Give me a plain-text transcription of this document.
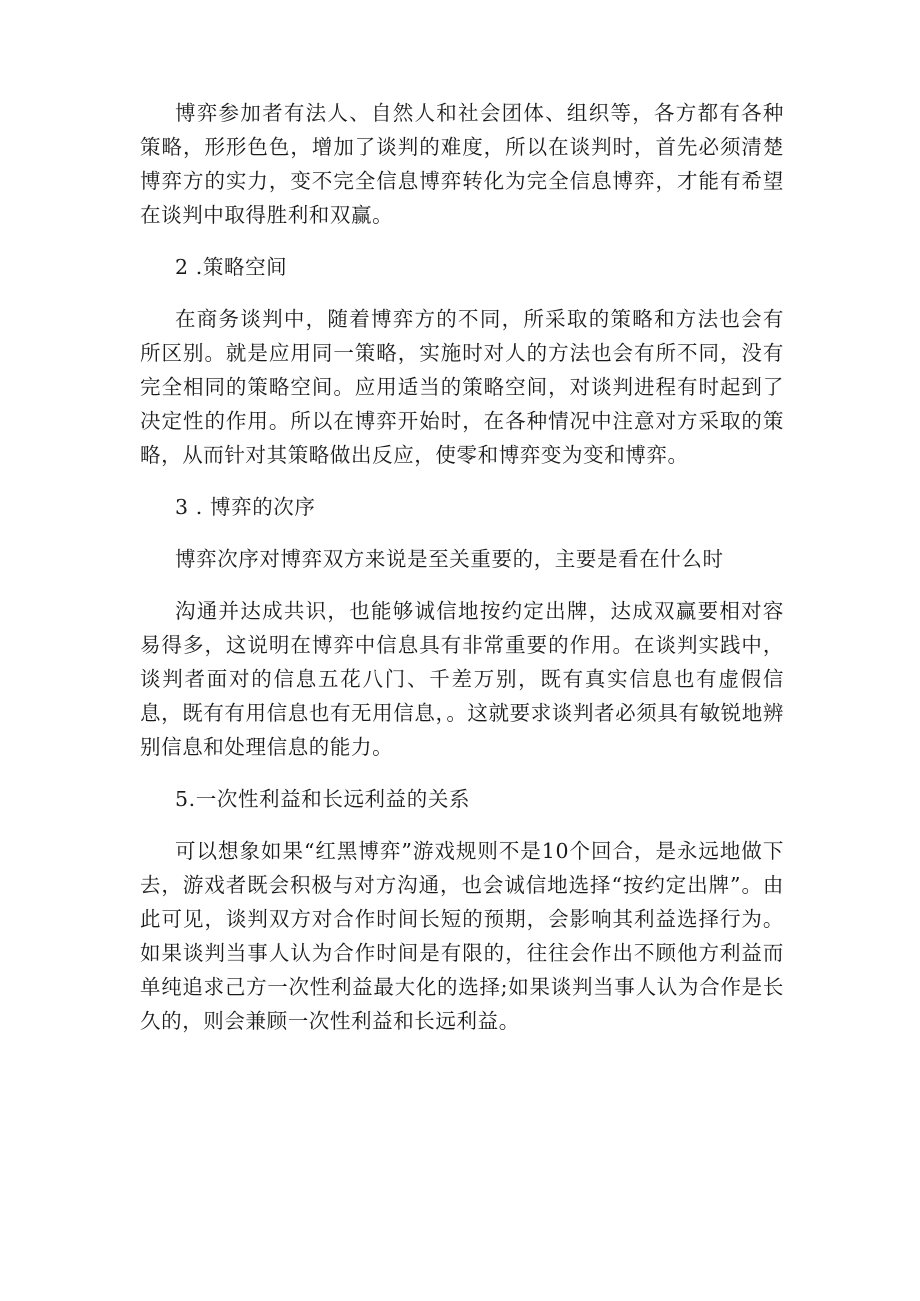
博弈参加者有法人、自然人和社会团体、组织等，各方都有各种策略，形形色色，增加了谈判的难度，所以在谈判时，首先必须清楚博弈方的实力，变不完全信息博弈转化为完全信息博弈，才能有希望在谈判中取得胜利和双赢。

2 .策略空间

在商务谈判中，随着博弈方的不同，所采取的策略和方法也会有所区别。就是应用同一策略，实施时对人的方法也会有所不同，没有完全相同的策略空间。应用适当的策略空间，对谈判进程有时起到了决定性的作用。所以在博弈开始时，在各种情况中注意对方采取的策略，从而针对其策略做出反应，使零和博弈变为变和博弈。

3 . 博弈的次序

博弈次序对博弈双方来说是至关重要的，主要是看在什么时

沟通并达成共识，也能够诚信地按约定出牌，达成双赢要相对容易得多，这说明在博弈中信息具有非常重要的作用。在谈判实践中，谈判者面对的信息五花八门、千差万别，既有真实信息也有虚假信息，既有有用信息也有无用信息，。这就要求谈判者必须具有敏锐地辨别信息和处理信息的能力。

5.一次性利益和长远利益的关系

可以想象如果“红黑博弈”游戏规则不是10个回合，是永远地做下去，游戏者既会积极与对方沟通，也会诚信地选择“按约定出牌”。由此可见，谈判双方对合作时间长短的预期，会影响其利益选择行为。如果谈判当事人认为合作时间是有限的，往往会作出不顾他方利益而单纯追求己方一次性利益最大化的选择;如果谈判当事人认为合作是长久的，则会兼顾一次性利益和长远利益。
